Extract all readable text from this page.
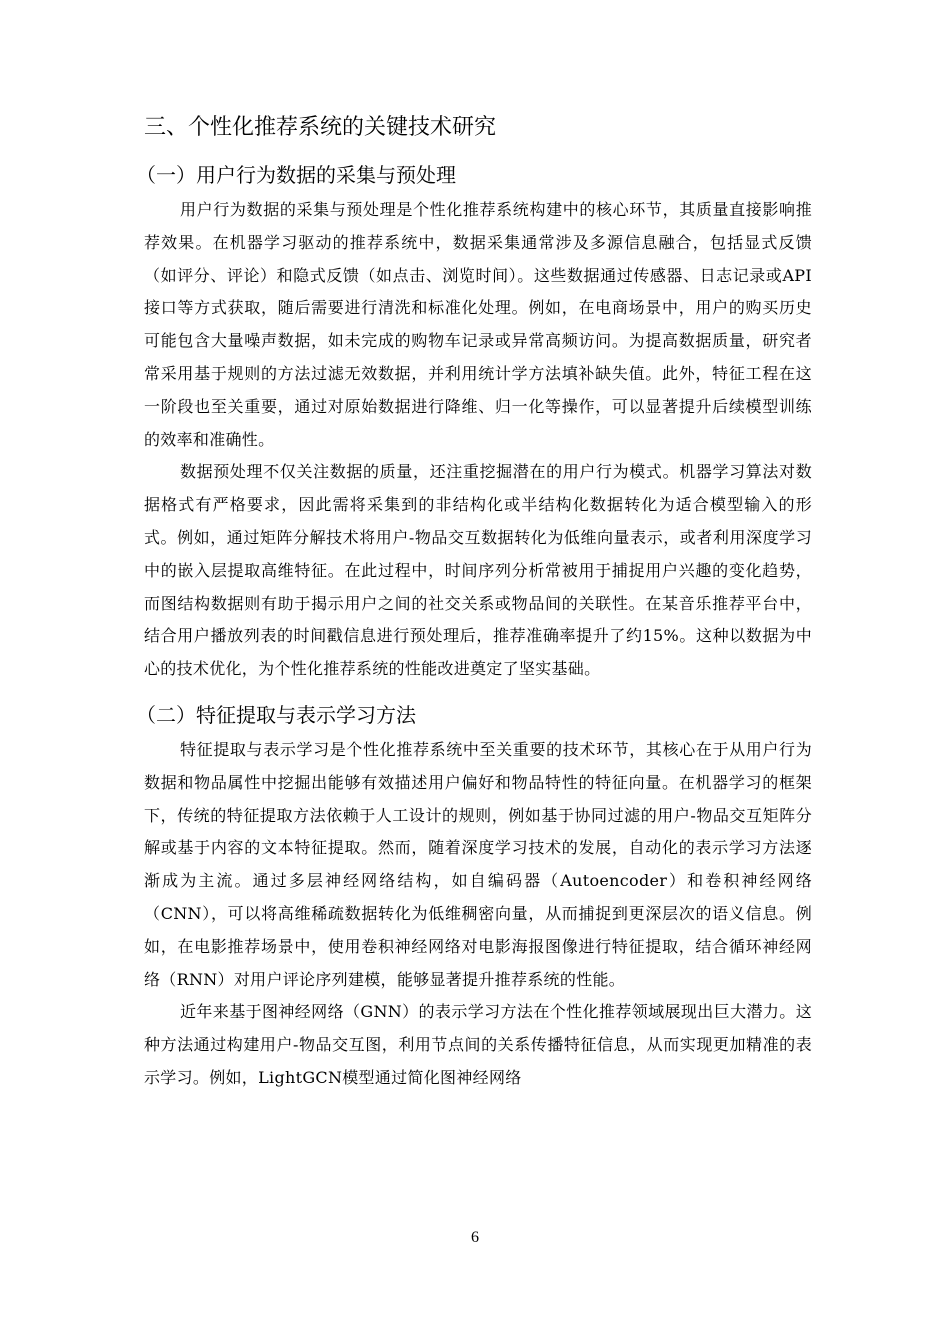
三、个性化推荐系统的关键技术研究
（一）用户行为数据的采集与预处理

用户行为数据的采集与预处理是个性化推荐系统构建中的核心环节，其质量直接影响推荐效果。在机器学习驱动的推荐系统中，数据采集通常涉及多源信息融合，包括显式反馈（如评分、评论）和隐式反馈（如点击、浏览时间）。这些数据通过传感器、日志记录或API接口等方式获取，随后需要进行清洗和标准化处理。例如，在电商场景中，用户的购买历史可能包含大量噪声数据，如未完成的购物车记录或异常高频访问。为提高数据质量，研究者常采用基于规则的方法过滤无效数据，并利用统计学方法填补缺失值。此外，特征工程在这一阶段也至关重要，通过对原始数据进行降维、归一化等操作，可以显著提升后续模型训练的效率和准确性。

数据预处理不仅关注数据的质量，还注重挖掘潜在的用户行为模式。机器学习算法对数据格式有严格要求，因此需将采集到的非结构化或半结构化数据转化为适合模型输入的形式。例如，通过矩阵分解技术将用户-物品交互数据转化为低维向量表示，或者利用深度学习中的嵌入层提取高维特征。在此过程中，时间序列分析常被用于捕捉用户兴趣的变化趋势，而图结构数据则有助于揭示用户之间的社交关系或物品间的关联性。在某音乐推荐平台中，结合用户播放列表的时间戳信息进行预处理后，推荐准确率提升了约15%。这种以数据为中心的技术优化，为个性化推荐系统的性能改进奠定了坚实基础。

（二）特征提取与表示学习方法

特征提取与表示学习是个性化推荐系统中至关重要的技术环节，其核心在于从用户行为数据和物品属性中挖掘出能够有效描述用户偏好和物品特性的特征向量。在机器学习的框架下，传统的特征提取方法依赖于人工设计的规则，例如基于协同过滤的用户-物品交互矩阵分解或基于内容的文本特征提取。然而，随着深度学习技术的发展，自动化的表示学习方法逐渐成为主流。通过多层神经网络结构，如自编码器（Autoencoder）和卷积神经网络（CNN），可以将高维稀疏数据转化为低维稠密向量，从而捕捉到更深层次的语义信息。例如，在电影推荐场景中，使用卷积神经网络对电影海报图像进行特征提取，结合循环神经网络（RNN）对用户评论序列建模，能够显著提升推荐系统的性能。

近年来基于图神经网络（GNN）的表示学习方法在个性化推荐领域展现出巨大潜力。这种方法通过构建用户-物品交互图，利用节点间的关系传播特征信息，从而实现更加精准的表示学习。例如，LightGCN模型通过简化图神经网络

6
